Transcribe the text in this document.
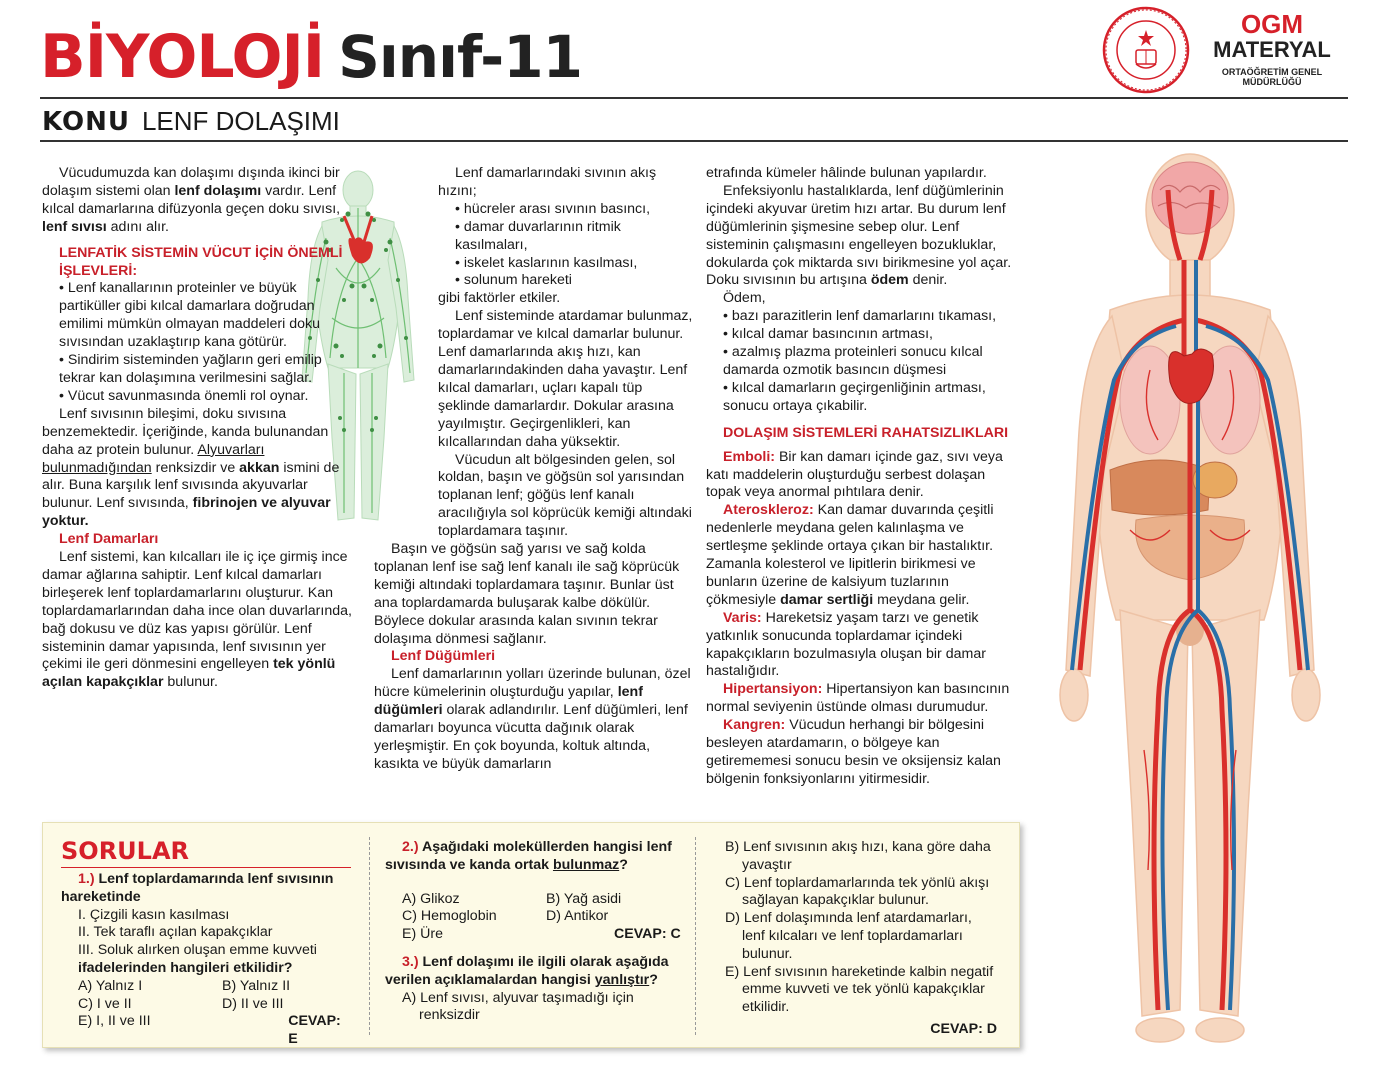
BİYOLOJİ Sınıf-11	OGM
MATERYAL
ORTAÖĞRETİM GENEL MÜDÜRLÜĞÜ
KONU LENF DOLAŞIMI

Vücudumuzda kan dolaşımı dışında ikinci bir dolaşım sistemi olan lenf dolaşımı vardır. Lenf kılcal damarlarına difüzyonla geçen doku sıvısı, lenf sıvısı adını alır.

LENFATİK SİSTEMİN VÜCUT İÇİN ÖNEMLİ İŞLEVLERİ:

• Lenf kanallarının proteinler ve büyük partiküller gibi kılcal damarlara doğrudan emilimi mümkün olmayan maddeleri doku sıvısından uzaklaştırıp kana götürür.

• Sindirim sisteminden yağların geri emilip tekrar kan dolaşımına verilmesini sağlar.

• Vücut savunmasında önemli rol oynar.

Lenf sıvısının bileşimi, doku sıvısına benzemektedir. İçeriğinde, kanda bulunandan daha az protein bulunur. Alyuvarları bulunmadığından renksizdir ve akkan ismini de alır. Buna karşılık lenf sıvısında akyuvarlar bulunur. Lenf sıvısında, fibrinojen ve alyuvar yoktur.

Lenf Damarları

Lenf sistemi, kan kılcalları ile iç içe girmiş ince damar ağlarına sahiptir. Lenf kılcal damarları birleşerek lenf toplardamarlarını oluşturur. Kan toplardamarlarından daha ince olan duvarlarında, bağ dokusu ve düz kas yapısı görülür. Lenf sisteminin damar yapısında, lenf sıvısının yer çekimi ile geri dönmesini engelleyen tek yönlü açılan kapakçıklar bulunur.

Lenf damarlarındaki sıvının akış hızını;

• hücreler arası sıvının basıncı,

• damar duvarlarının ritmik kasılmaları,

• iskelet kaslarının kasılması,

• solunum hareketi

gibi faktörler etkiler.

Lenf sisteminde atardamar bulunmaz, toplardamar ve kılcal damarlar bulunur. Lenf damarlarında akış hızı, kan damarlarındakinden daha yavaştır. Lenf kılcal damarları, uçları kapalı tüp şeklinde damarlardır. Dokular arasına yayılmıştır. Geçirgenlikleri, kan kılcallarından daha yüksektir.

Vücudun alt bölgesinden gelen, sol koldan, başın ve göğsün sol yarısından toplanan lenf; göğüs lenf kanalı aracılığıyla sol köprücük kemiği altındaki toplardamara taşınır.

Başın ve göğsün sağ yarısı ve sağ kolda toplanan lenf ise sağ lenf kanalı ile sağ köprücük kemiği altındaki toplardamara taşınır. Bunlar üst ana toplardamarda buluşarak kalbe dökülür. Böylece dokular arasında kalan sıvının tekrar dolaşıma dönmesi sağlanır.

Lenf Düğümleri

Lenf damarlarının yolları üzerinde bulunan, özel hücre kümelerinin oluşturduğu yapılar, lenf düğümleri olarak adlandırılır. Lenf düğümleri, lenf damarları boyunca vücutta dağınık olarak yerleşmiştir. En çok boyunda, koltuk altında, kasıkta ve büyük damarların

etrafında kümeler hâlinde bulunan yapılardır.

Enfeksiyonlu hastalıklarda, lenf düğümlerinin içindeki akyuvar üretim hızı artar. Bu durum lenf düğümlerinin şişmesine sebep olur. Lenf sisteminin çalışmasını engelleyen bozukluklar, dokularda çok miktarda sıvı birikmesine yol açar. Doku sıvısının bu artışına ödem denir.

Ödem,

• bazı parazitlerin lenf damarlarını tıkaması,

• kılcal damar basıncının artması,

• azalmış plazma proteinleri sonucu kılcal damarda ozmotik basıncın düşmesi

• kılcal damarların geçirgenliğinin artması, sonucu ortaya çıkabilir.

DOLAŞIM SİSTEMLERİ RAHATSIZLIKLARI

Emboli: Bir kan damarı içinde gaz, sıvı veya katı maddelerin oluşturduğu serbest dolaşan topak veya anormal pıhtılara denir.

Ateroskleroz: Kan damar duvarında çeşitli nedenlerle meydana gelen kalınlaşma ve sertleşme şeklinde ortaya çıkan bir hastalıktır. Zamanla kolesterol ve lipitlerin birikmesi ve bunların üzerine de kalsiyum tuzlarının çökmesiyle damar sertliği meydana gelir.

Varis: Hareketsiz yaşam tarzı ve genetik yatkınlık sonucunda toplardamar içindeki kapakçıkların bozulmasıyla oluşan bir damar hastalığıdır.

Hipertansiyon: Hipertansiyon kan basıncının normal seviyenin üstünde olması durumudur.

Kangren: Vücudun herhangi bir bölgesini besleyen atardamarın, o bölgeye kan getirememesi sonucu besin ve oksijensiz kalan bölgenin fonksiyonlarını yitirmesidir.

SORULAR

1.) Lenf toplardamarında lenf sıvısının hareketinde

I. Çizgili kasın kasılması

II. Tek taraflı açılan kapakçıklar

III. Soluk alırken oluşan emme kuvveti

ifadelerinden hangileri etkilidir?

A) Yalnız I	B) Yalnız II

C) I ve II	D) II ve III

E) I, II ve III	CEVAP: E

2.) Aşağıdaki moleküllerden hangisi lenf sıvısında ve kanda ortak bulunmaz?

A) Glikoz	B) Yağ asidi

C) Hemoglobin	D) Antikor

E) Üre	CEVAP: C

3.) Lenf dolaşımı ile ilgili olarak aşağıda verilen açıklamalardan hangisi yanlıştır?

A) Lenf sıvısı, alyuvar taşımadığı için renksizdir

B) Lenf sıvısının akış hızı, kana göre daha yavaştır

C) Lenf toplardamarlarında tek yönlü akışı sağlayan kapakçıklar bulunur.

D) Lenf dolaşımında lenf atardamarları, lenf kılcaları ve lenf toplardamarları bulunur.

E) Lenf sıvısının hareketinde kalbin negatif emme kuvveti ve tek yönlü kapakçıklar etkilidir.

CEVAP: D
